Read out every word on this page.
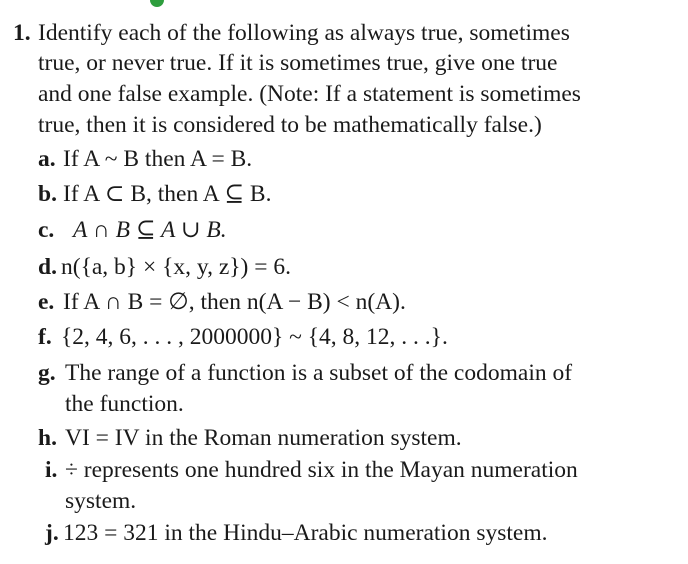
1. Identify each of the following as always true, sometimes
true, or never true. If it is sometimes true, give one true
and one false example. (Note: If a statement is sometimes
true, then it is considered to be mathematically false.)
a. If A ~ B then A = B.
b. If A ⊂ B, then A ⊆ B.
c. A ∩ B ⊆ A ∪ B.
d. n({a, b} × {x, y, z}) = 6.
e. If A ∩ B = ∅, then n(A − B) < n(A).
f. {2, 4, 6, . . . , 2000000} ~ {4, 8, 12, . . .}.
g. The range of a function is a subset of the codomain of
the function.
h. VI = IV in the Roman numeration system.
i. ÷ represents one hundred six in the Mayan numeration
system.
j. 123 = 321 in the Hindu–Arabic numeration system.
